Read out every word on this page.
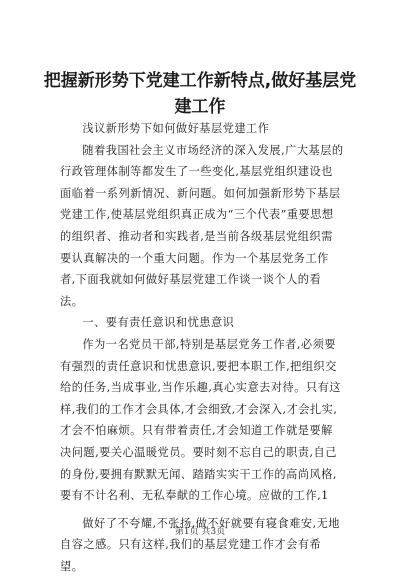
把握新形势下党建工作新特点,做好基层党建工作

浅议新形势下如何做好基层党建工作

随着我国社会主义市场经济的深入发展,广大基层的行政管理体制等都发生了一些变化,基层党组织建设也面临着一系列新情况、新问题。如何加强新形势下基层党建工作,使基层党组织真正成为“三个代表”重要思想的组织者、推动者和实践者,是当前各级基层党组织需要认真解决的一个重大问题。作为一个基层党务工作者,下面我就如何做好基层党建工作谈一谈个人的看法。

一、要有责任意识和忧患意识

作为一名党员干部,特别是基层党务工作者,必须要有强烈的责任意识和忧患意识,要把本职工作,把组织交给的任务,当成事业,当作乐趣,真心实意去对待。只有这样,我们的工作才会具体,才会细致,才会深入,才会扎实,才会不怕麻烦。只有带着责任,才会知道工作就是要解决问题,要关心温暖党员。要时刻不忘自己的职责,自己的身份,要拥有默默无闻、踏踏实实干工作的高尚风格,要有不计名利、无私奉献的工作心境。应做的工作,1

做好了不夸耀,不张扬,做不好就要有寝食难安,无地自容之感。只有这样,我们的基层党建工作才会有希望。

第1页 共3页
